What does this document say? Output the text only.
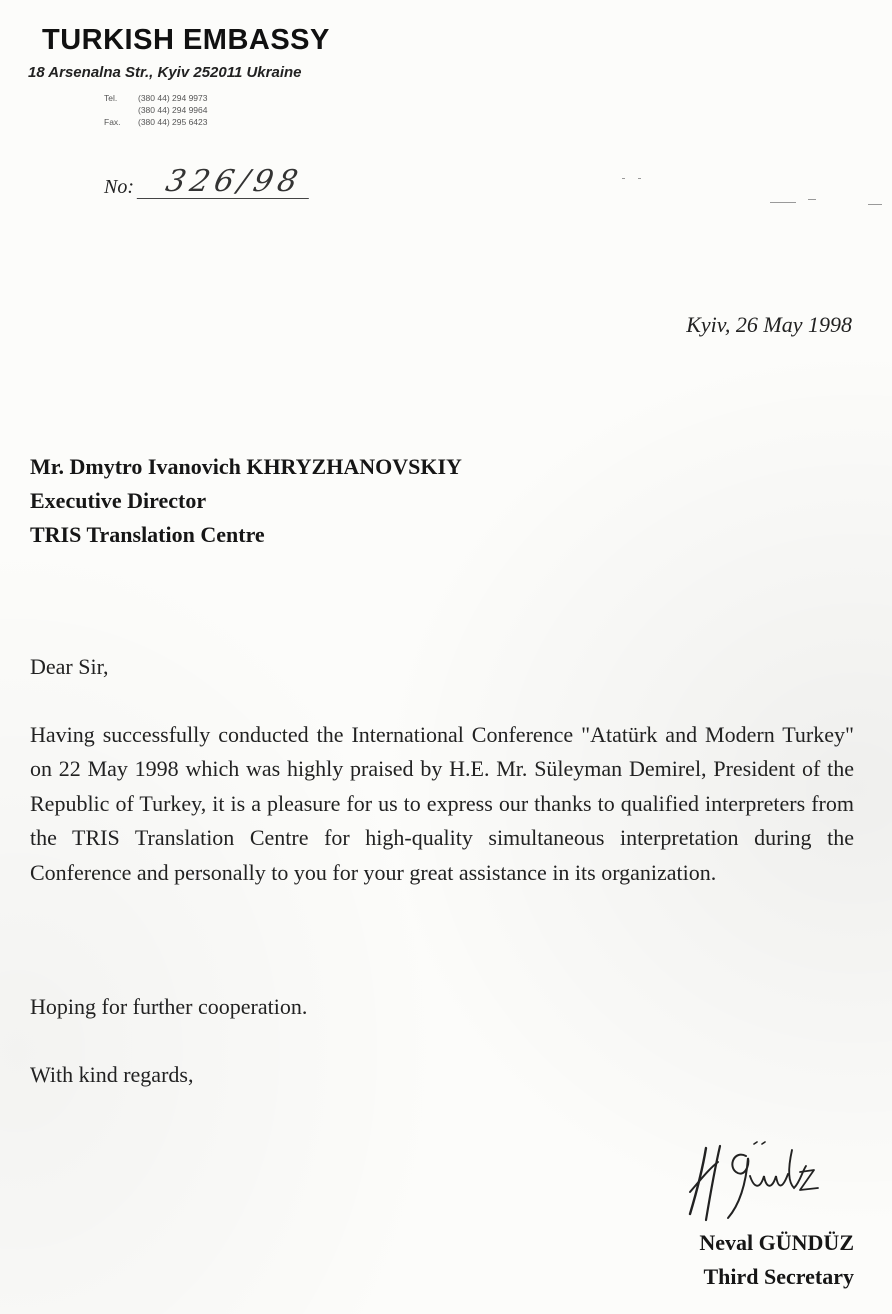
TURKISH EMBASSY
18 Arsenalna Str., Kyiv 252011 Ukraine
Tel.	(380 44) 294 9973
(380 44) 294 9964
Fax.	(380 44) 295 6423
No: 326/98
Kyiv, 26 May 1998
Mr. Dmytro Ivanovich KHRYZHANOVSKIY
Executive Director
TRIS Translation Centre
Dear Sir,
Having successfully conducted the International Conference "Atatürk and Modern Turkey" on 22 May 1998 which was highly praised by H.E. Mr. Süleyman Demirel, President of the Republic of Turkey, it is a pleasure for us to express our thanks to qualified interpreters from the TRIS Translation Centre for high-quality simultaneous interpretation during the Conference and personally to you for your great assistance in its organization.
Hoping for further cooperation.
With kind regards,
Neval GÜNDÜZ
Third Secretary
